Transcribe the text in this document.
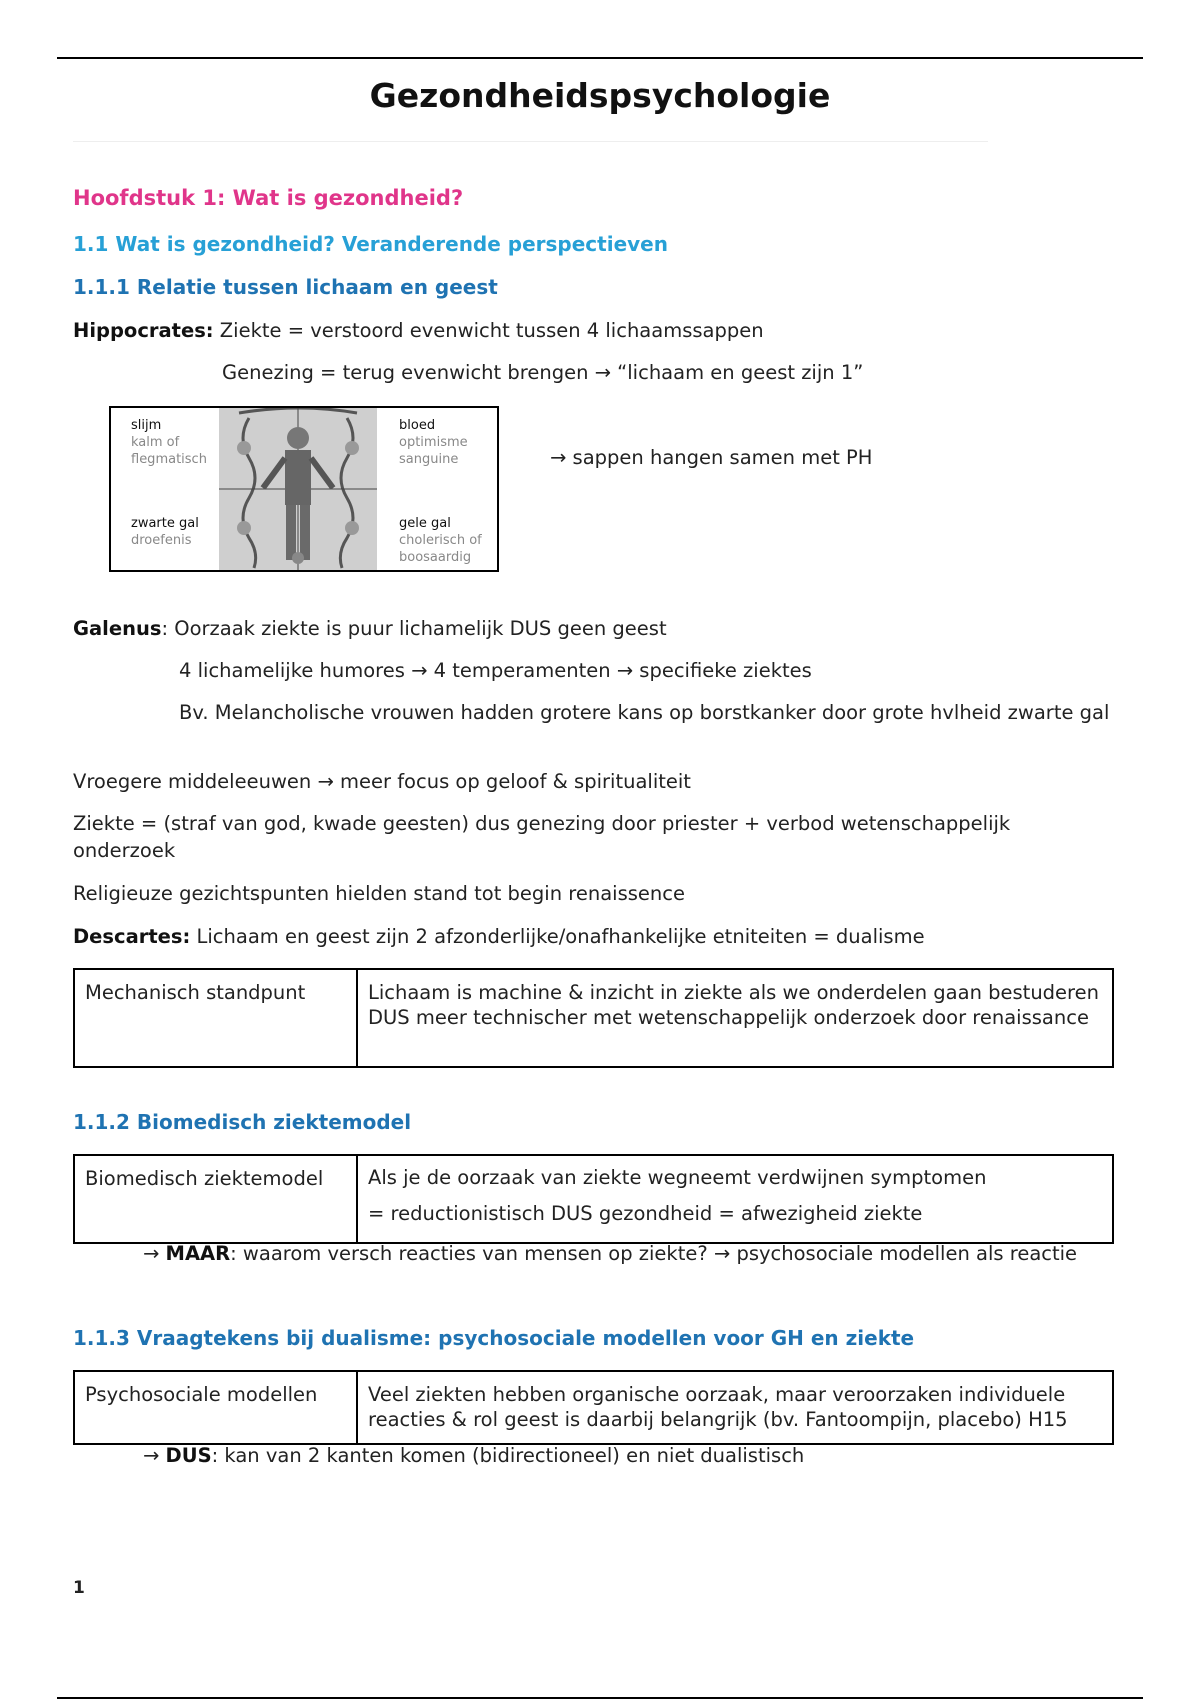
Gezondheidspsychologie
Hoofdstuk 1: Wat is gezondheid?
1.1 Wat is gezondheid? Veranderende perspectieven
1.1.1 Relatie tussen lichaam en geest
Hippocrates: Ziekte = verstoord evenwicht tussen 4 lichaamssappen
Genezing = terug evenwicht brengen → “lichaam en geest zijn 1”
slijm
kalm of flegmatisch
zwarte gal
droefenis
bloed
optimisme sanguine
gele gal
cholerisch of boosaardig
→ sappen hangen samen met PH
Galenus: Oorzaak ziekte is puur lichamelijk DUS geen geest
4 lichamelijke humores → 4 temperamenten → specifieke ziektes
Bv. Melancholische vrouwen hadden grotere kans op borstkanker door grote hvlheid zwarte gal
Vroegere middeleeuwen → meer focus op geloof & spiritualiteit
Ziekte = (straf van god, kwade geesten) dus genezing door priester + verbod wetenschappelijk onderzoek
Religieuze gezichtspunten hielden stand tot begin renaissence
Descartes: Lichaam en geest zijn 2 afzonderlijke/onafhankelijke etniteiten = dualisme
Mechanisch standpunt	Lichaam is machine & inzicht in ziekte als we onderdelen gaan bestuderen DUS meer technischer met wetenschappelijk onderzoek door renaissance
1.1.2 Biomedisch ziektemodel
Biomedisch ziektemodel	Als je de oorzaak van ziekte wegneemt verdwijnen symptomen
= reductionistisch DUS gezondheid = afwezigheid ziekte
→ MAAR: waarom versch reacties van mensen op ziekte? → psychosociale modellen als reactie
1.1.3 Vraagtekens bij dualisme: psychosociale modellen voor GH en ziekte
Psychosociale modellen	Veel ziekten hebben organische oorzaak, maar veroorzaken individuele reacties & rol geest is daarbij belangrijk (bv. Fantoompijn, placebo) H15
→ DUS: kan van 2 kanten komen (bidirectioneel) en niet dualistisch
1
